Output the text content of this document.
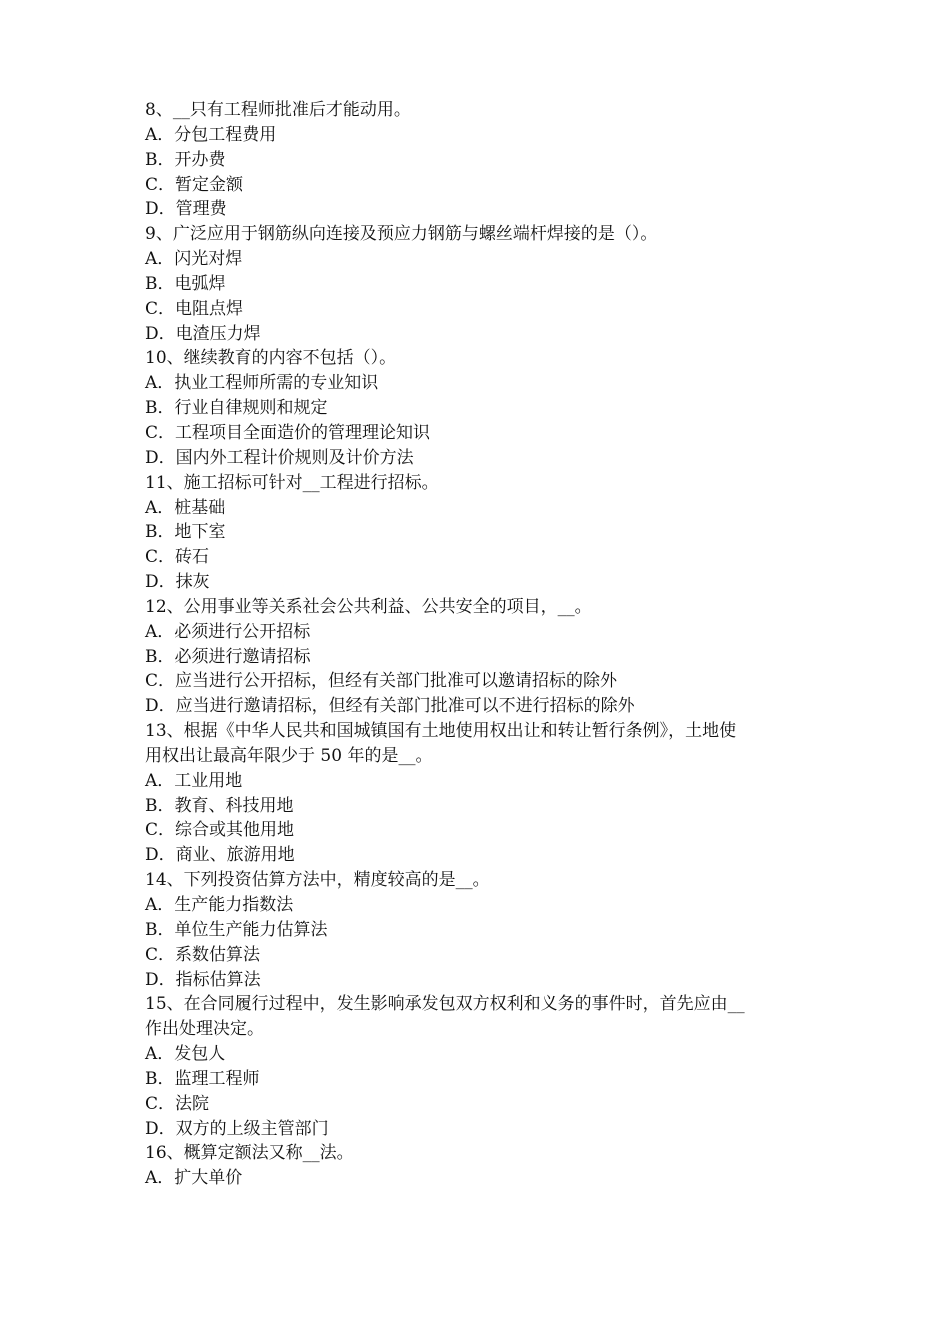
8、__只有工程师批准后才能动用。
A．分包工程费用
B．开办费
C．暂定金额
D．管理费
9、广泛应用于钢筋纵向连接及预应力钢筋与螺丝端杆焊接的是（）。
A．闪光对焊
B．电弧焊
C．电阻点焊
D．电渣压力焊
10、继续教育的内容不包括（）。
A．执业工程师所需的专业知识
B．行业自律规则和规定
C．工程项目全面造价的管理理论知识
D．国内外工程计价规则及计价方法
11、施工招标可针对__工程进行招标。
A．桩基础
B．地下室
C．砖石
D．抹灰
12、公用事业等关系社会公共利益、公共安全的项目，__。
A．必须进行公开招标
B．必须进行邀请招标
C．应当进行公开招标，但经有关部门批准可以邀请招标的除外
D．应当进行邀请招标，但经有关部门批准可以不进行招标的除外
13、根据《中华人民共和国城镇国有土地使用权出让和转让暂行条例》，土地使
用权出让最高年限少于 50 年的是__。
A．工业用地
B．教育、科技用地
C．综合或其他用地
D．商业、旅游用地
14、下列投资估算方法中，精度较高的是__。
A．生产能力指数法
B．单位生产能力估算法
C．系数估算法
D．指标估算法
15、在合同履行过程中，发生影响承发包双方权利和义务的事件时，首先应由__
作出处理决定。
A．发包人
B．监理工程师
C．法院
D．双方的上级主管部门
16、概算定额法又称__法。
A．扩大单价
